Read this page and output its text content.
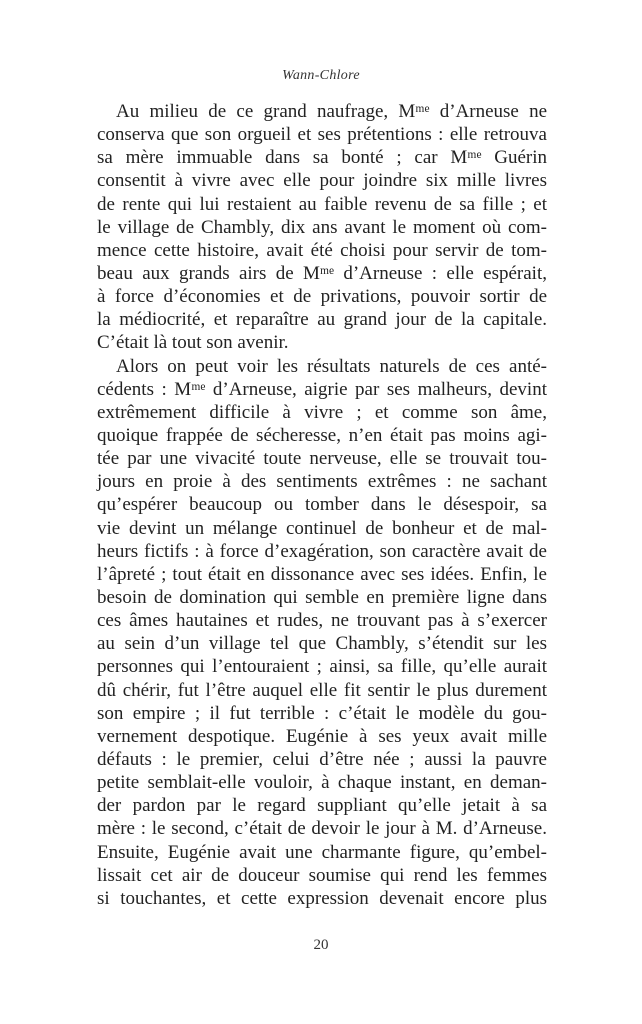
Wann-Chlore
Au milieu de ce grand naufrage, Mᵐᵉ d’Arneuse ne
conserva que son orgueil et ses prétentions : elle retrouva
sa mère immuable dans sa bonté ; car Mᵐᵉ Guérin
consentit à vivre avec elle pour joindre six mille livres
de rente qui lui restaient au faible revenu de sa fille ; et
le village de Chambly, dix ans avant le moment où com-
mence cette histoire, avait été choisi pour servir de tom-
beau aux grands airs de Mᵐᵉ d’Arneuse : elle espérait,
à force d’économies et de privations, pouvoir sortir de
la médiocrité, et reparaître au grand jour de la capitale.
C’était là tout son avenir.
Alors on peut voir les résultats naturels de ces anté-
cédents : Mᵐᵉ d’Arneuse, aigrie par ses malheurs, devint
extrêmement difficile à vivre ; et comme son âme,
quoique frappée de sécheresse, n’en était pas moins agi-
tée par une vivacité toute nerveuse, elle se trouvait tou-
jours en proie à des sentiments extrêmes : ne sachant
qu’espérer beaucoup ou tomber dans le désespoir, sa
vie devint un mélange continuel de bonheur et de mal-
heurs fictifs : à force d’exagération, son caractère avait de
l’âpreté ; tout était en dissonance avec ses idées. Enfin, le
besoin de domination qui semble en première ligne dans
ces âmes hautaines et rudes, ne trouvant pas à s’exercer
au sein d’un village tel que Chambly, s’étendit sur les
personnes qui l’entouraient ; ainsi, sa fille, qu’elle aurait
dû chérir, fut l’être auquel elle fit sentir le plus durement
son empire ; il fut terrible : c’était le modèle du gou-
vernement despotique. Eugénie à ses yeux avait mille
défauts : le premier, celui d’être née ; aussi la pauvre
petite semblait-elle vouloir, à chaque instant, en deman-
der pardon par le regard suppliant qu’elle jetait à sa
mère : le second, c’était de devoir le jour à M. d’Arneuse.
Ensuite, Eugénie avait une charmante figure, qu’embel-
lissait cet air de douceur soumise qui rend les femmes
si touchantes, et cette expression devenait encore plus
20
